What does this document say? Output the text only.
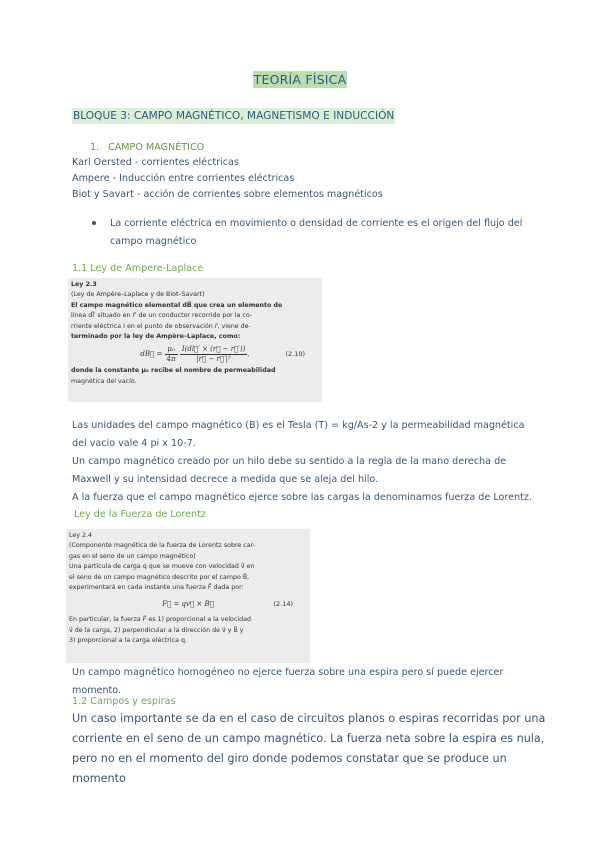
TEORÍA FÍSICA
BLOQUE 3: CAMPO MAGNÉTICO, MAGNETISMO E INDUCCIÓN
1. CAMPO MAGNÉTICO
Karl Oersted - corrientes eléctricas
Ampere - Inducción entre corrientes eléctricas
Biot y Savart - acción de corrientes sobre elementos magnéticos
La corriente eléctrica en movimiento o densidad de corriente es el origen del flujo del
campo magnético
1.1 Ley de Ampere-Laplace
Ley 2.3
(Ley de Ampère–Laplace y de Biot–Savart)
El campo magnético elemental dB⃗ que crea un elemento de
línea dl⃗′ situado en r⃗′ de un conductor recorrido por la co-
rriente eléctrica I en el punto de observación r⃗, viene de-
terminado por la ley de Ampère–Laplace, como:
dB⃗ = $\frac{\text{μ₀}}{4\pi}$
$\frac{I(dl⃗' \times (r⃗ - r⃗'))}{\text{|r⃗ − r⃗′|³}}$ ,	(2.10)
donde la constante μ₀ recibe el nombre de permeabilidad
magnética del vacío.
Las unidades del campo magnético (B) es el Tesla (T) = kg/As-2 y la permeabilidad magnética
del vacio vale 4 pi x 10-7.
Un campo magnético creado por un hilo debe su sentido a la regla de la mano derecha de
Maxwell y su intensidad decrece a medida que se aleja del hilo.
A la fuerza que el campo magnético ejerce sobre las cargas la denominamos fuerza de Lorentz.
Ley de la Fuerza de Lorentz
Ley 2.4
(Componente magnética de la fuerza de Lorentz sobre car-
gas en el seno de un campo magnético)
Una partícula de carga q que se mueve con velocidad v⃗ en
el seno de un campo magnético descrito por el campo B⃗,
experimentará en cada instante una fuerza F⃗ dada por:
F⃗ = qv⃗ × B⃗	(2.14)
En particular, la fuerza F⃗ es 1) proporcional a la velocidad
v⃗ de la carga, 2) perpendicular a la dirección de v⃗ y B⃗ y
3) proporcional a la carga eléctrica q.
Un campo magnético homogéneo no ejerce fuerza sobre una espira pero sí puede ejercer
momento.
1.2 Campos y espiras
Un caso importante se da en el caso de circuitos planos o espiras recorridas por una
corriente en el seno de un campo magnético. La fuerza neta sobre la espira es nula,
pero no en el momento del giro donde podemos constatar que se produce un momento
